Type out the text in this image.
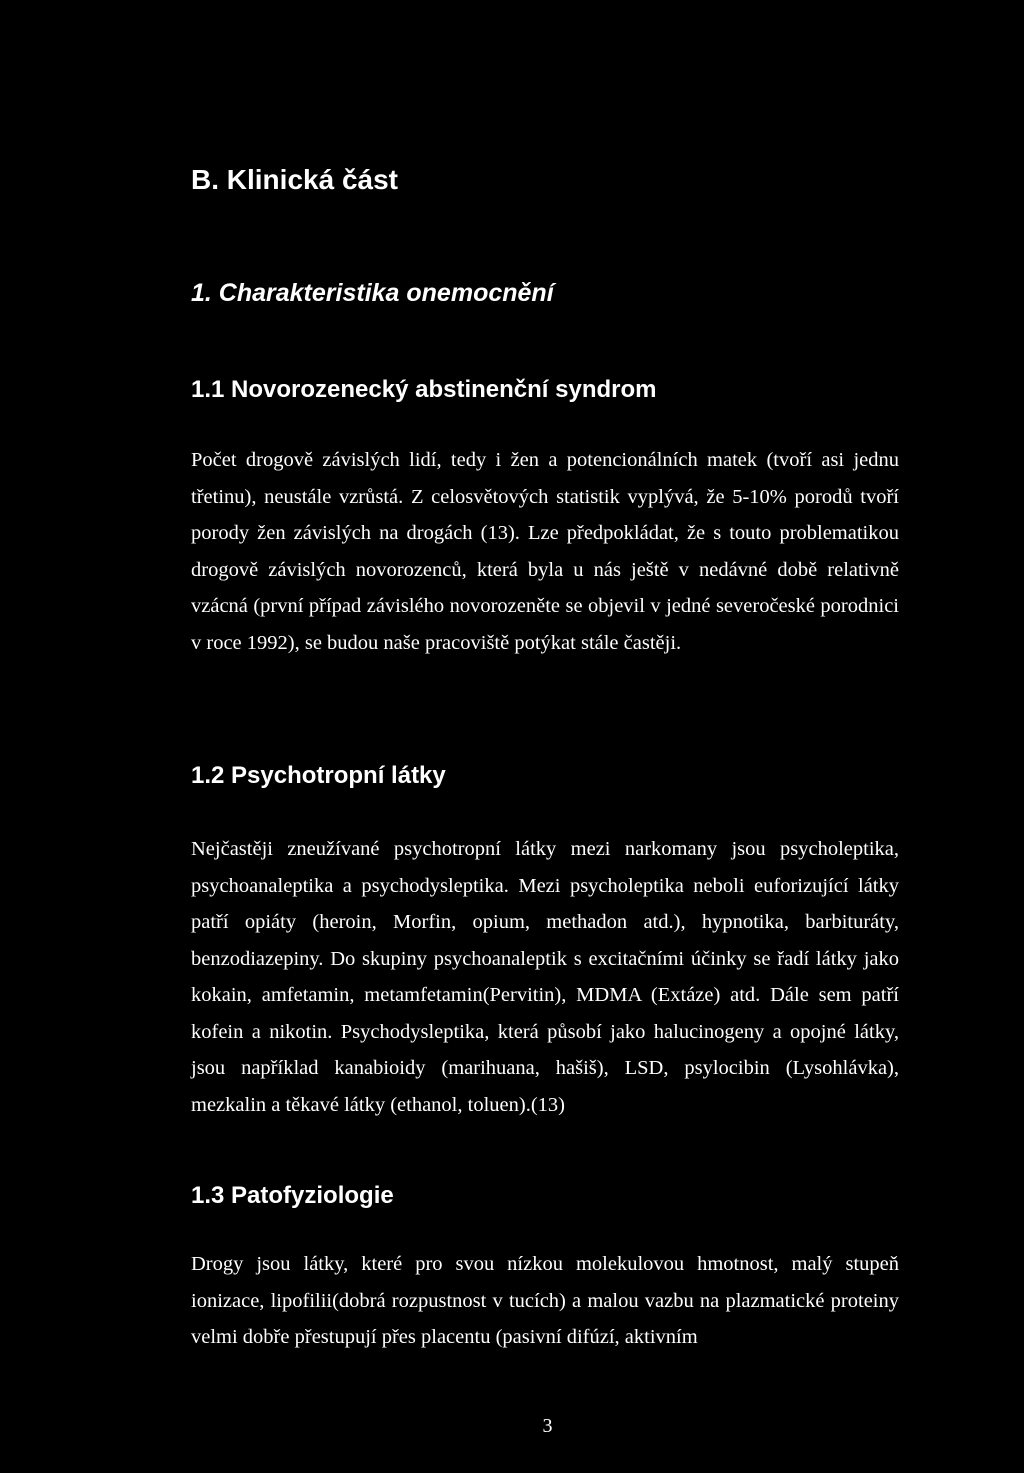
B. Klinická část
1. Charakteristika onemocnění
1.1 Novorozenecký abstinenční syndrom

Počet drogově závislých lidí, tedy i žen a potencionálních matek (tvoří asi jednu třetinu), neustále vzrůstá. Z celosvětových statistik vyplývá, že 5-10% porodů tvoří porody žen závislých na drogách (13). Lze předpokládat, že s touto problematikou drogově závislých novorozenců, která byla u nás ještě v nedávné době relativně vzácná (první případ závislého novorozeněte se objevil v jedné severočeské porodnici v roce 1992), se budou naše pracoviště potýkat stále častěji.

1.2 Psychotropní látky

Nejčastěji zneužívané psychotropní látky mezi narkomany jsou psycholeptika, psychoanaleptika a psychodysleptika. Mezi psycholeptika neboli euforizující látky patří opiáty (heroin, Morfin, opium, methadon atd.), hypnotika, barbituráty, benzodiazepiny. Do skupiny psychoanaleptik s excitačními účinky se řadí látky jako kokain, amfetamin, metamfetamin(Pervitin), MDMA (Extáze) atd. Dále sem patří kofein a nikotin. Psychodysleptika, která působí jako halucinogeny a opojné látky, jsou například kanabioidy (marihuana, hašiš), LSD, psylocibin (Lysohlávka), mezkalin a těkavé látky (ethanol, toluen).(13)

1.3 Patofyziologie

Drogy jsou látky, které pro svou nízkou molekulovou hmotnost, malý stupeň ionizace, lipofilii(dobrá rozpustnost v tucích) a malou vazbu na plazmatické proteiny velmi dobře přestupují přes placentu (pasivní difúzí, aktivním

3
